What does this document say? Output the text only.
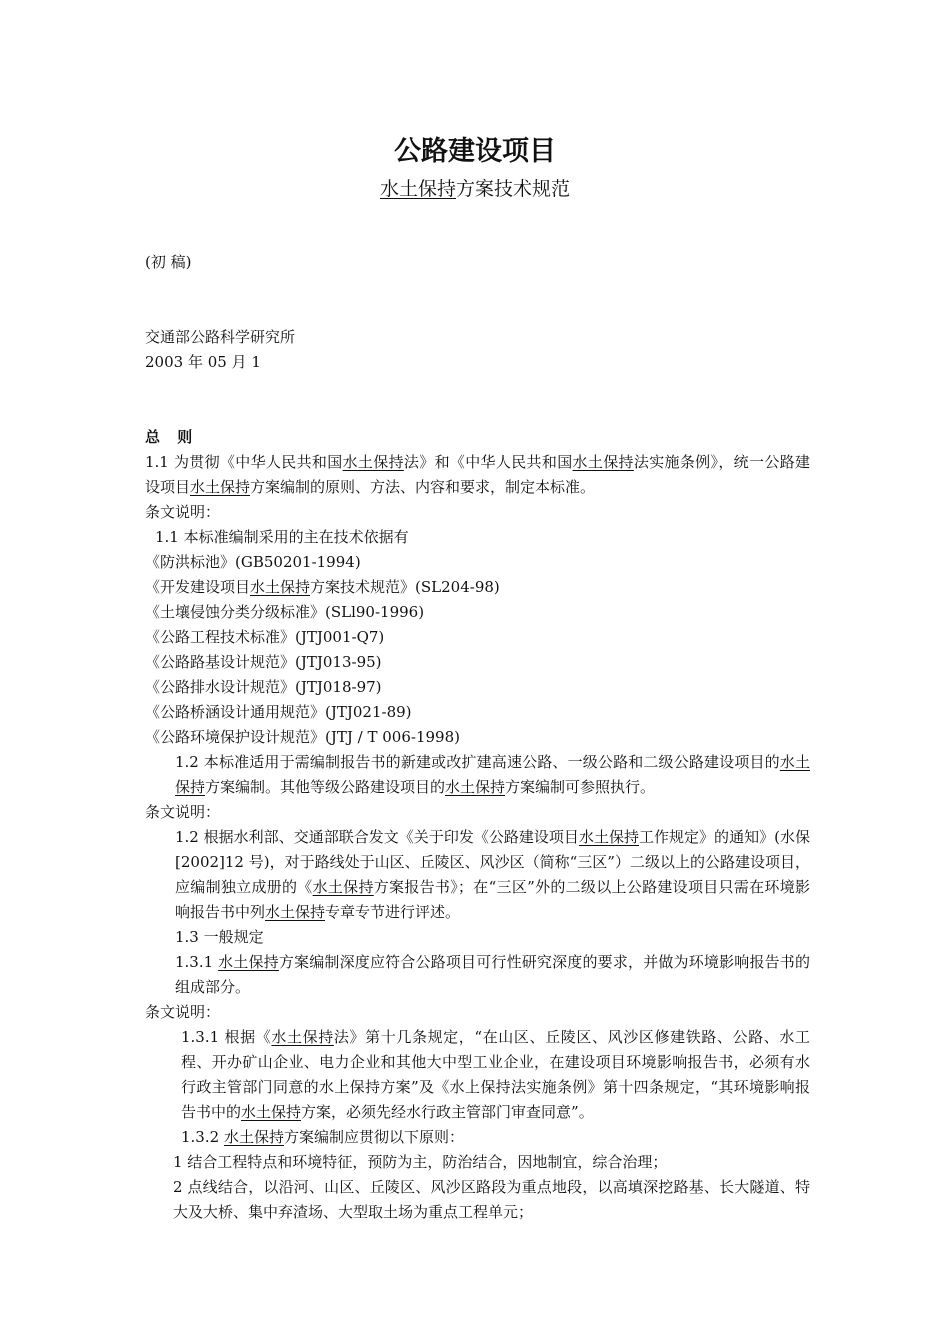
公路建设项目
水土保持方案技术规范
(初 稿)

交通部公路科学研究所

2003 年 05 月 1

总 则

1.1 为贯彻《中华人民共和国水土保持法》和《中华人民共和国水土保持法实施条例》，统一公路建设项目水土保持方案编制的原则、方法、内容和要求，制定本标准。

条文说明：

1.1 本标准编制采用的主在技术依据有

《防洪标池》(GB50201-1994)

《开发建设项目水土保持方案技术规范》(SL204-98)

《土壤侵蚀分类分级标准》(SLl90-1996)

《公路工程技术标准》(JTJ001-Q7)

《公路路基设计规范》(JTJ013-95)

《公路排水设计规范》(JTJ018-97)

《公路桥涵设计通用规范》(JTJ021-89)

《公路环境保护设计规范》(JTJ / T 006-1998)

1.2 本标准适用于需编制报告书的新建或改扩建高速公路、一级公路和二级公路建设项目的水土保持方案编制。其他等级公路建设项目的水土保持方案编制可参照执行。

条文说明：

1.2 根据水利部、交通部联合发文《关于印发《公路建设项目水土保持工作规定》的通知》(水保[2002]12 号)，对于路线处于山区、丘陵区、风沙区（简称“三区”）二级以上的公路建设项目，应编制独立成册的《水土保持方案报告书》；在“三区”外的二级以上公路建设项目只需在环境影响报告书中列水土保持专章专节进行评述。

1.3 一般规定

1.3.1 水土保持方案编制深度应符合公路项目可行性研究深度的要求，并做为环境影响报告书的组成部分。

条文说明：

1.3.1 根据《水土保持法》第十几条规定，“在山区、丘陵区、风沙区修建铁路、公路、水工程、开办矿山企业、电力企业和其他大中型工业企业，在建设项目环境影响报告书，必须有水行政主管部门同意的水上保持方案”及《水上保持法实施条例》第十四条规定，“其环境影响报告书中的水土保持方案，必须先经水行政主管部门审查同意”。

1.3.2 水土保持方案编制应贯彻以下原则：

1 结合工程特点和环境特征，预防为主，防治结合，因地制宜，综合治理；

2 点线结合，以沿河、山区、丘陵区、风沙区路段为重点地段，以高填深挖路基、长大隧道、特大及大桥、集中弃渣场、大型取土场为重点工程单元；
